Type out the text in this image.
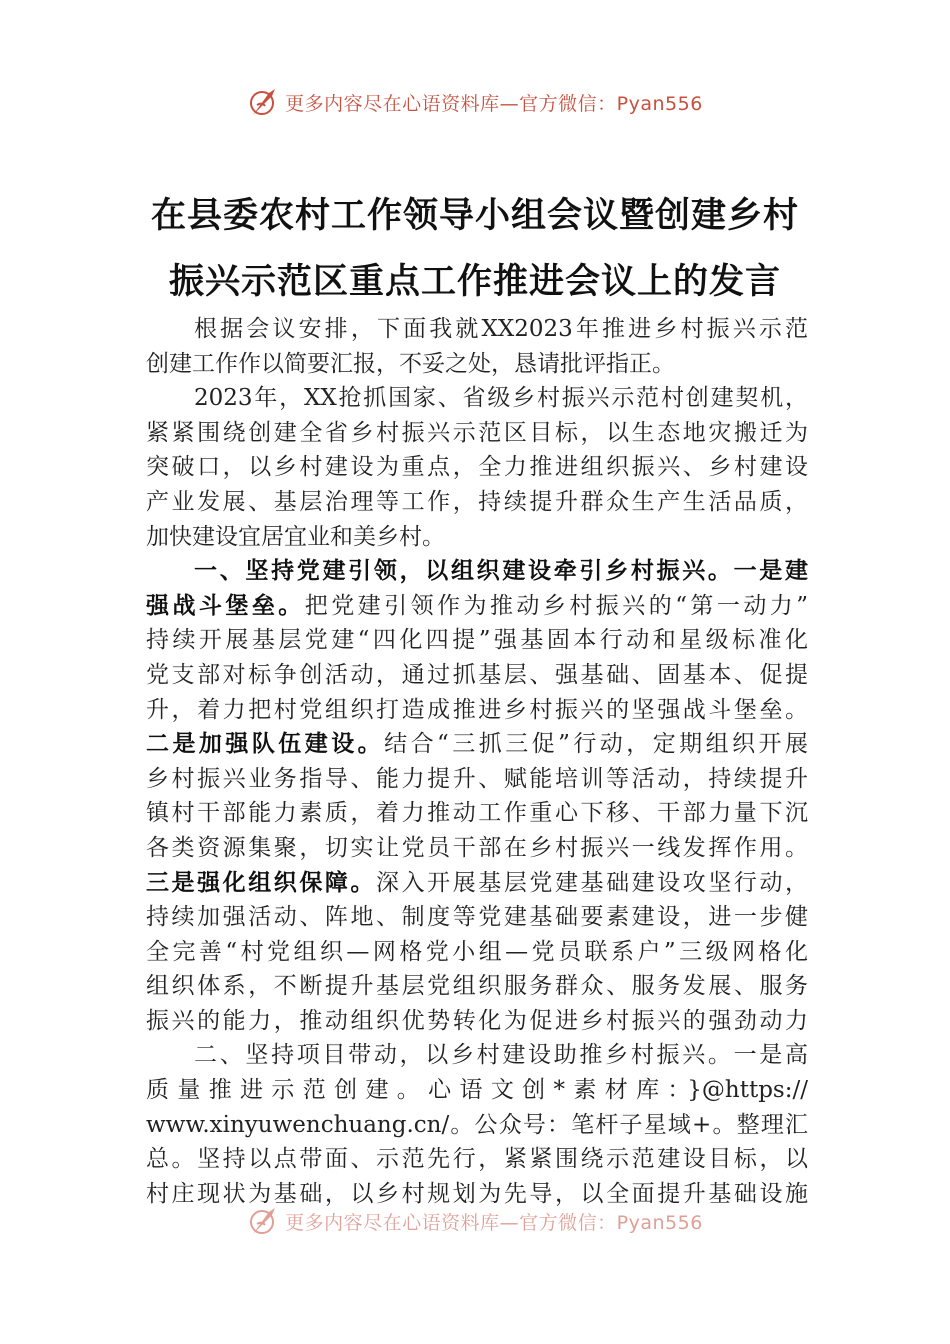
更多内容尽在心语资料库—官方微信：Pyan556
在县委农村工作领导小组会议暨创建乡村
振兴示范区重点工作推进会议上的发言
根据会议安排，下面我就XX2023年推进乡村振兴示范
创建工作作以简要汇报，不妥之处，恳请批评指正。
2023年，XX抢抓国家、省级乡村振兴示范村创建契机，
紧紧围绕创建全省乡村振兴示范区目标，以生态地灾搬迁为
突破口，以乡村建设为重点，全力推进组织振兴、乡村建设
产业发展、基层治理等工作，持续提升群众生产生活品质，
加快建设宜居宜业和美乡村。
一、坚持党建引领，以组织建设牵引乡村振兴。一是建
强战斗堡垒。把党建引领作为推动乡村振兴的“第一动力”
持续开展基层党建“四化四提”强基固本行动和星级标准化
党支部对标争创活动，通过抓基层、强基础、固基本、促提
升，着力把村党组织打造成推进乡村振兴的坚强战斗堡垒。
二是加强队伍建设。结合“三抓三促”行动，定期组织开展
乡村振兴业务指导、能力提升、赋能培训等活动，持续提升
镇村干部能力素质，着力推动工作重心下移、干部力量下沉
各类资源集聚，切实让党员干部在乡村振兴一线发挥作用。
三是强化组织保障。深入开展基层党建基础建设攻坚行动，
持续加强活动、阵地、制度等党建基础要素建设，进一步健
全完善“村党组织—网格党小组—党员联系户”三级网格化
组织体系，不断提升基层党组织服务群众、服务发展、服务
振兴的能力，推动组织优势转化为促进乡村振兴的强劲动力
二、坚持项目带动，以乡村建设助推乡村振兴。一是高
质量推进示范创建。心语文创*素材库：}@https://
www.xinyuwenchuang.cn/。公众号：笔杆子星域+。整理汇
总。坚持以点带面、示范先行，紧紧围绕示范建设目标，以
村庄现状为基础，以乡村规划为先导，以全面提升基础设施
更多内容尽在心语资料库—官方微信：Pyan556
